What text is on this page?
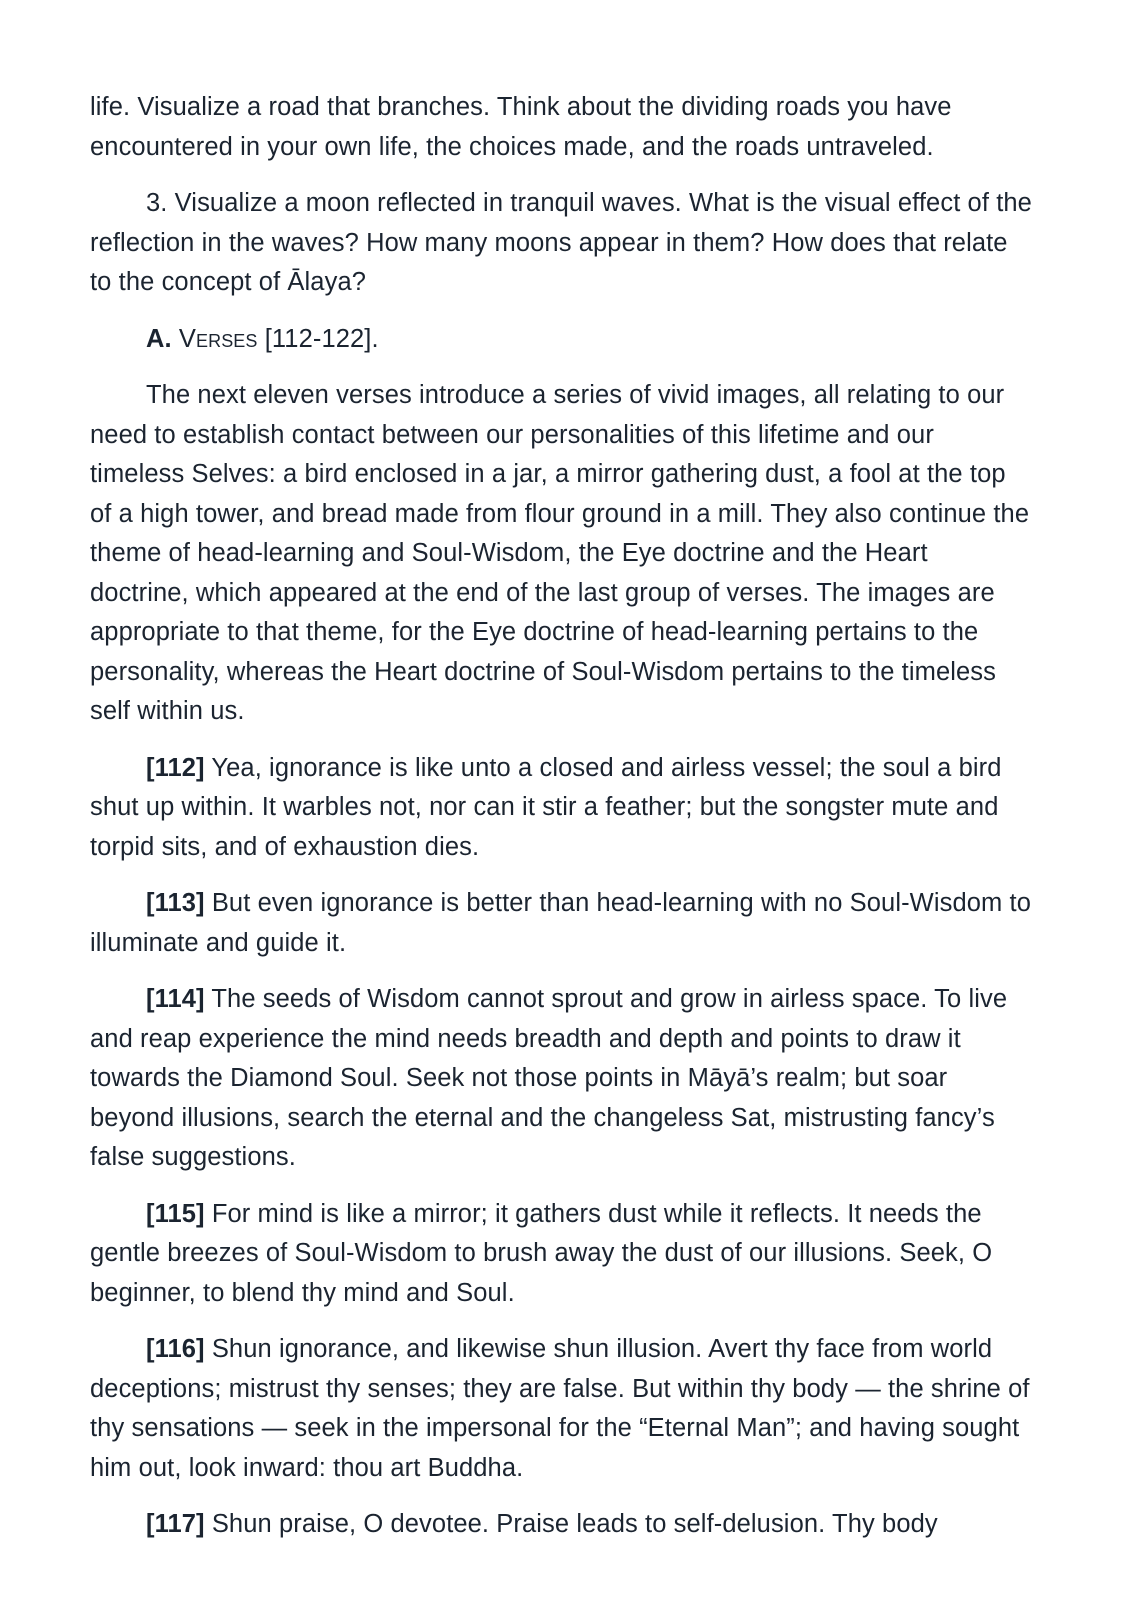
life. Visualize a road that branches. Think about the dividing roads you have encountered in your own life, the choices made, and the roads untraveled.

3. Visualize a moon reflected in tranquil waves. What is the visual effect of the reflection in the waves? How many moons appear in them? How does that relate to the concept of Ālaya?

A. Verses [112-122].

The next eleven verses introduce a series of vivid images, all relating to our need to establish contact between our personalities of this lifetime and our timeless Selves: a bird enclosed in a jar, a mirror gathering dust, a fool at the top of a high tower, and bread made from flour ground in a mill. They also continue the theme of head-learning and Soul-Wisdom, the Eye doctrine and the Heart doctrine, which appeared at the end of the last group of verses. The images are appropriate to that theme, for the Eye doctrine of head-learning pertains to the personality, whereas the Heart doctrine of Soul-Wisdom pertains to the timeless self within us.

[112] Yea, ignorance is like unto a closed and airless vessel; the soul a bird shut up within. It warbles not, nor can it stir a feather; but the songster mute and torpid sits, and of exhaustion dies.

[113] But even ignorance is better than head-learning with no Soul-Wisdom to illuminate and guide it.

[114] The seeds of Wisdom cannot sprout and grow in airless space. To live and reap experience the mind needs breadth and depth and points to draw it towards the Diamond Soul. Seek not those points in Māyā’s realm; but soar beyond illusions, search the eternal and the changeless Sat, mistrusting fancy’s false suggestions.

[115] For mind is like a mirror; it gathers dust while it reflects. It needs the gentle breezes of Soul-Wisdom to brush away the dust of our illusions. Seek, O beginner, to blend thy mind and Soul.

[116] Shun ignorance, and likewise shun illusion. Avert thy face from world deceptions; mistrust thy senses; they are false. But within thy body — the shrine of thy sensations — seek in the impersonal for the “Eternal Man”; and having sought him out, look inward: thou art Buddha.

[117] Shun praise, O devotee. Praise leads to self-delusion. Thy body
